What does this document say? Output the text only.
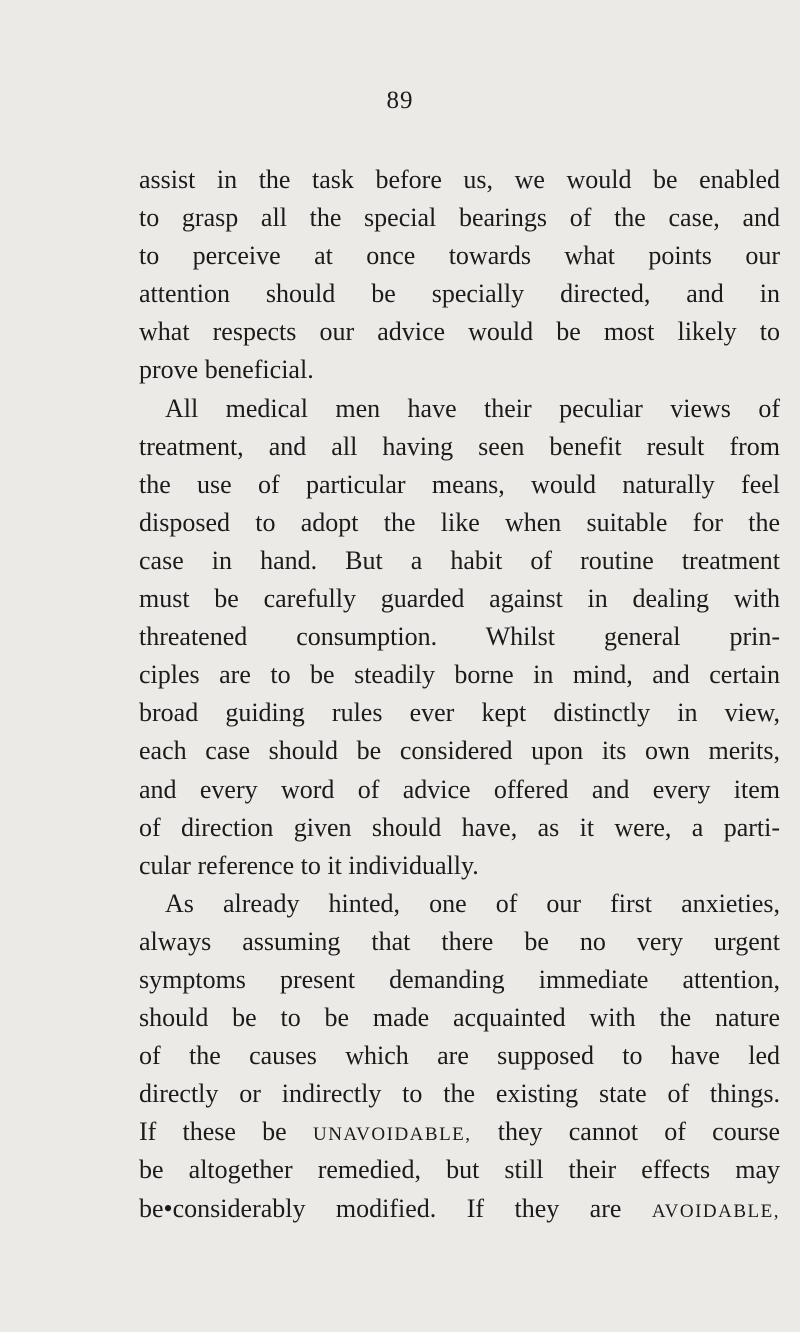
89
assist in the task before us, we would be enabled
to grasp all the special bearings of the case, and
to perceive at once towards what points our
attention should be specially directed, and in
what respects our advice would be most likely to
prove beneficial.
All medical men have their peculiar views of
treatment, and all having seen benefit result from
the use of particular means, would naturally feel
disposed to adopt the like when suitable for the
case in hand. But a habit of routine treatment
must be carefully guarded against in dealing with
threatened consumption. Whilst general prin-
ciples are to be steadily borne in mind, and certain
broad guiding rules ever kept distinctly in view,
each case should be considered upon its own merits,
and every word of advice offered and every item
of direction given should have, as it were, a parti-
cular reference to it individually.
As already hinted, one of our first anxieties,
always assuming that there be no very urgent
symptoms present demanding immediate attention,
should be to be made acquainted with the nature
of the causes which are supposed to have led
directly or indirectly to the existing state of things.
If these be UNAVOIDABLE, they cannot of course
be altogether remedied, but still their effects may
be•considerably modified. If they are AVOIDABLE,
